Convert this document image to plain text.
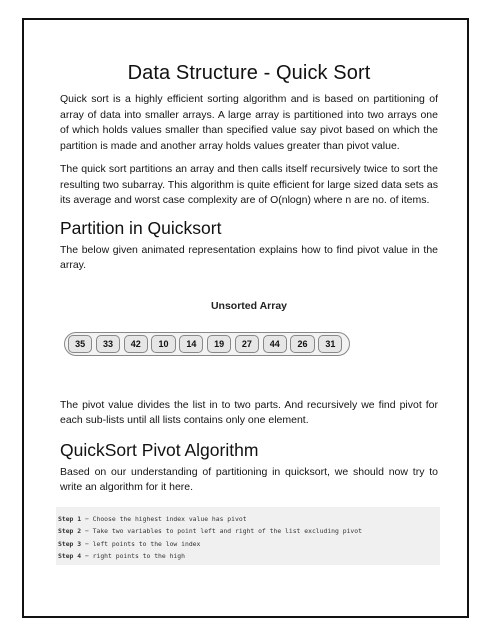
Data Structure - Quick Sort

Quick sort is a highly efficient sorting algorithm and is based on partitioning of array of data into smaller arrays. A large array is partitioned into two arrays one of which holds values smaller than specified value say pivot based on which the partition is made and another array holds values greater than pivot value.

The quick sort partitions an array and then calls itself recursively twice to sort the resulting two subarray. This algorithm is quite efficient for large sized data sets as its average and worst case complexity are of O(nlogn) where n are no. of items.

Partition in Quicksort

The below given animated representation explains how to find pivot value in the array.

Unsorted Array
35	33	42	10	14	19	27	44	26	31

The pivot value divides the list in to two parts. And recursively we find pivot for each sub-lists until all lists contains only one element.

QuickSort Pivot Algorithm

Based on our understanding of partitioning in quicksort, we should now try to write an algorithm for it here.

Step 1 − Choose the highest index value has pivot
Step 2 − Take two variables to point left and right of the list excluding pivot
Step 3 − left points to the low index
Step 4 − right points to the high
